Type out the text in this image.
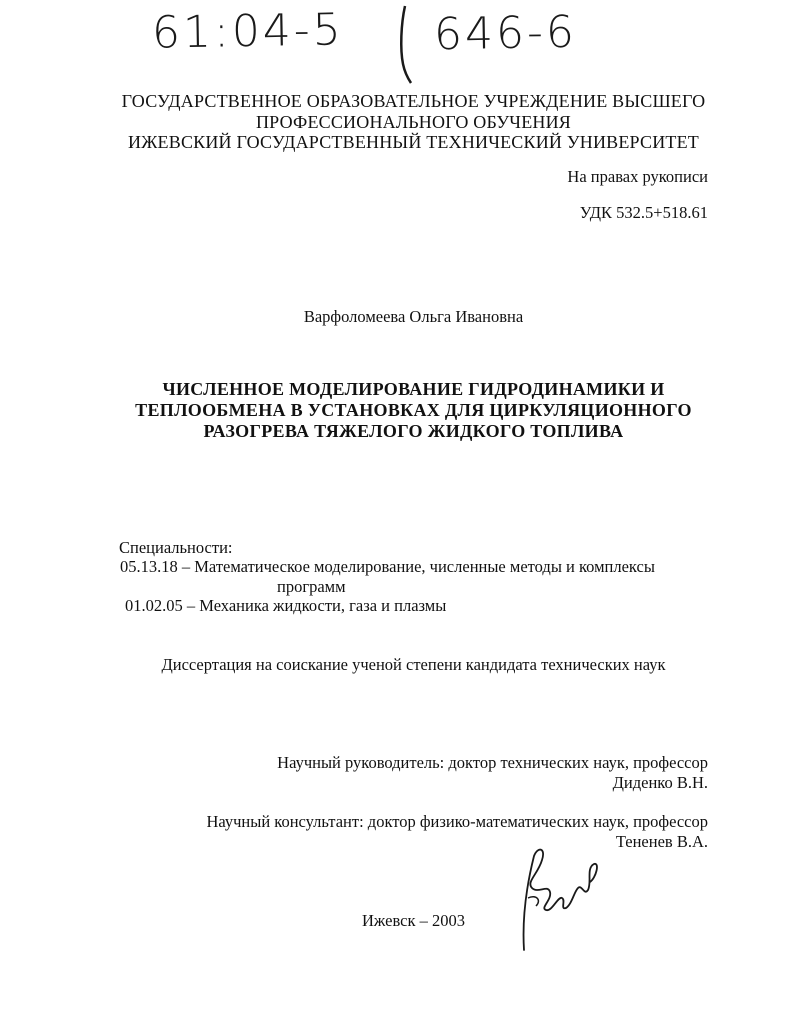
61:04-5 646-6
ГОСУДАРСТВЕННОЕ ОБРАЗОВАТЕЛЬНОЕ УЧРЕЖДЕНИЕ ВЫСШЕГО
ПРОФЕССИОНАЛЬНОГО ОБУЧЕНИЯ
ИЖЕВСКИЙ ГОСУДАРСТВЕННЫЙ ТЕХНИЧЕСКИЙ УНИВЕРСИТЕТ
На правах рукописи
УДК 532.5+518.61
Варфоломеева Ольга Ивановна
ЧИСЛЕННОЕ МОДЕЛИРОВАНИЕ ГИДРОДИНАМИКИ И
ТЕПЛООБМЕНА В УСТАНОВКАХ ДЛЯ ЦИРКУЛЯЦИОННОГО
РАЗОГРЕВА ТЯЖЕЛОГО ЖИДКОГО ТОПЛИВА
Специальности:
05.13.18 – Математическое моделирование, численные методы и комплексы
программ
01.02.05 – Механика жидкости, газа и плазмы
Диссертация на соискание ученой степени кандидата технических наук
Научный руководитель: доктор технических наук, профессор
Диденко В.Н.
Научный консультант: доктор физико-математических наук, профессор
Тененев В.А.
Ижевск – 2003
